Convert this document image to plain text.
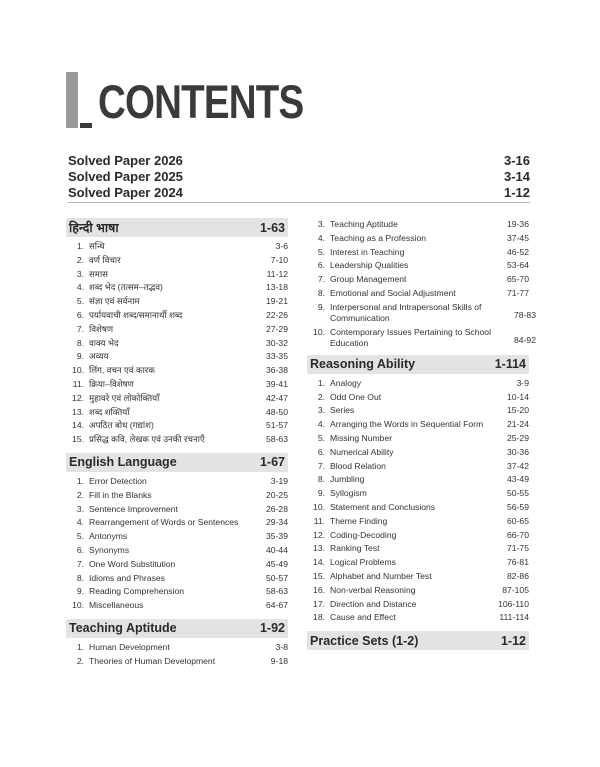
CONTENTS
Solved Paper 2026	3-16
Solved Paper 2025	3-14
Solved Paper 2024	1-12
हिन्दी भाषा	1-63
1. सन्धि	3-6
2. वर्ण विचार	7-10
3. समास	11-12
4. शब्द भेद (तत्सम–तद्भव)	13-18
5. संज्ञा एवं सर्वनाम	19-21
6. पर्यायवाची शब्द/समानार्थी शब्द	22-26
7. विशेषण	27-29
8. वाक्य भेद	30-32
9. अव्यय	33-35
10. लिंग, वचन एवं कारक	36-38
11. क्रिया–विशेषण	39-41
12. मुहावरे एवं लोकोक्तियाँ	42-47
13. शब्द शक्तियाँ	48-50
14. अपठित बोध (गद्यांश)	51-57
15. प्रसिद्ध कवि, लेखक एवं उनकी रचनाएँ	58-63
English Language	1-67
1. Error Detection	3-19
2. Fill in the Blanks	20-25
3. Sentence Improvement	26-28
4. Rearrangement of Words or Sentences	29-34
5. Antonyms	35-39
6. Synonyms	40-44
7. One Word Substitution	45-49
8. Idioms and Phrases	50-57
9. Reading Comprehension	58-63
10. Miscellaneous	64-67
Teaching Aptitude	1-92
1. Human Development	3-8
2. Theories of Human Development	9-18
3. Teaching Aptitude	19-36
4. Teaching as a Profession	37-45
5. Interest in Teaching	46-52
6. Leadership Qualities	53-64
7. Group Management	65-70
8. Emotional and Social Adjustment	71-77
9. Interpersonal and Intrapersonal Skills of Communication	78-83
10. Contemporary Issues Pertaining to School Education	84-92
Reasoning Ability	1-114
1. Analogy	3-9
2. Odd One Out	10-14
3. Series	15-20
4. Arranging the Words in Sequential Form	21-24
5. Missing Number	25-29
6. Numerical Ability	30-36
7. Blood Relation	37-42
8. Jumbling	43-49
9. Syllogism	50-55
10. Statement and Conclusions	56-59
11. Theme Finding	60-65
12. Coding-Decoding	66-70
13. Ranking Test	71-75
14. Logical Problems	76-81
15. Alphabet and Number Test	82-86
16. Non-verbal Reasoning	87-105
17. Direction and Distance	106-110
18. Cause and Effect	111-114
Practice Sets (1-2)	1-12
